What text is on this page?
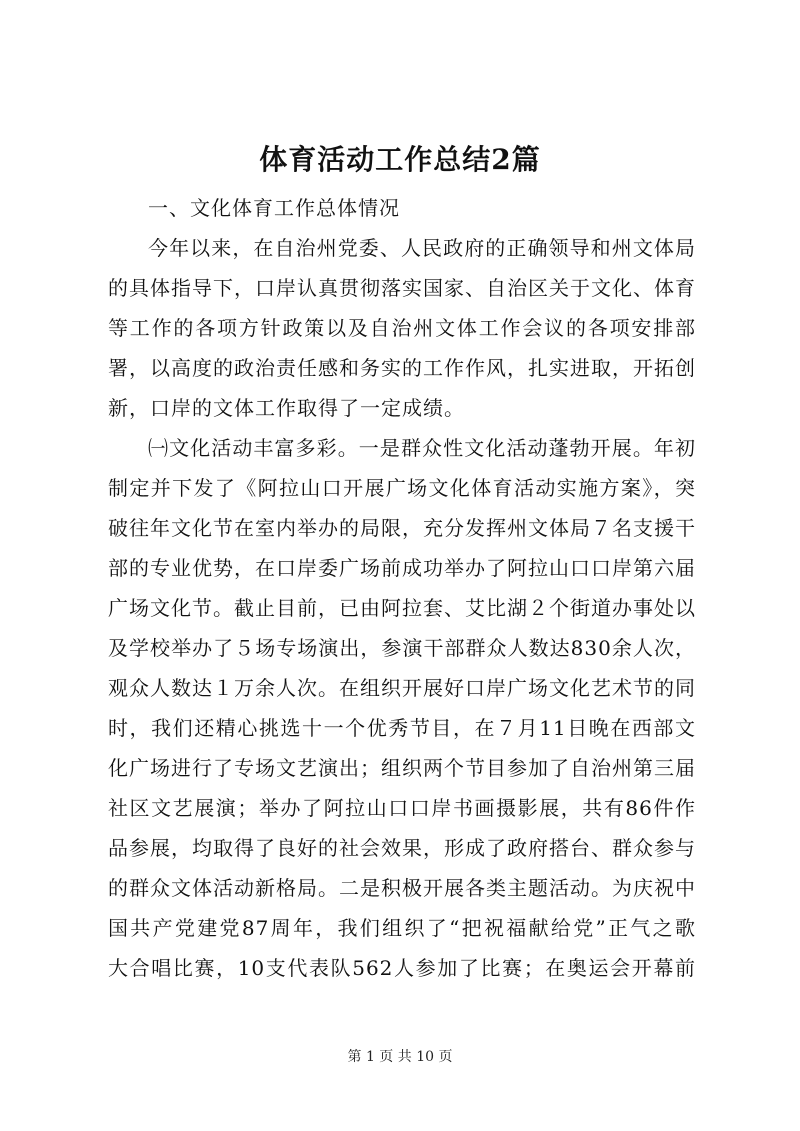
体育活动工作总结2篇
一、文化体育工作总体情况
今年以来，在自治州党委、人民政府的正确领导和州文体局
的具体指导下，口岸认真贯彻落实国家、自治区关于文化、体育
等工作的各项方针政策以及自治州文体工作会议的各项安排部
署，以高度的政治责任感和务实的工作作风，扎实进取，开拓创
新，口岸的文体工作取得了一定成绩。
㈠文化活动丰富多彩。一是群众性文化活动蓬勃开展。年初
制定并下发了《阿拉山口开展广场文化体育活动实施方案》，突
破往年文化节在室内举办的局限，充分发挥州文体局７名支援干
部的专业优势，在口岸委广场前成功举办了阿拉山口口岸第六届
广场文化节。截止目前，已由阿拉套、艾比湖２个街道办事处以
及学校举办了５场专场演出，参演干部群众人数达830余人次，
观众人数达１万余人次。在组织开展好口岸广场文化艺术节的同
时，我们还精心挑选十一个优秀节目，在７月11日晚在西部文
化广场进行了专场文艺演出；组织两个节目参加了自治州第三届
社区文艺展演；举办了阿拉山口口岸书画摄影展，共有86件作
品参展，均取得了良好的社会效果，形成了政府搭台、群众参与
的群众文体活动新格局。二是积极开展各类主题活动。为庆祝中
国共产党建党87周年，我们组织了“把祝福献给党”正气之歌
大合唱比赛，10支代表队562人参加了比赛；在奥运会开幕前
第 1 页 共 10 页
